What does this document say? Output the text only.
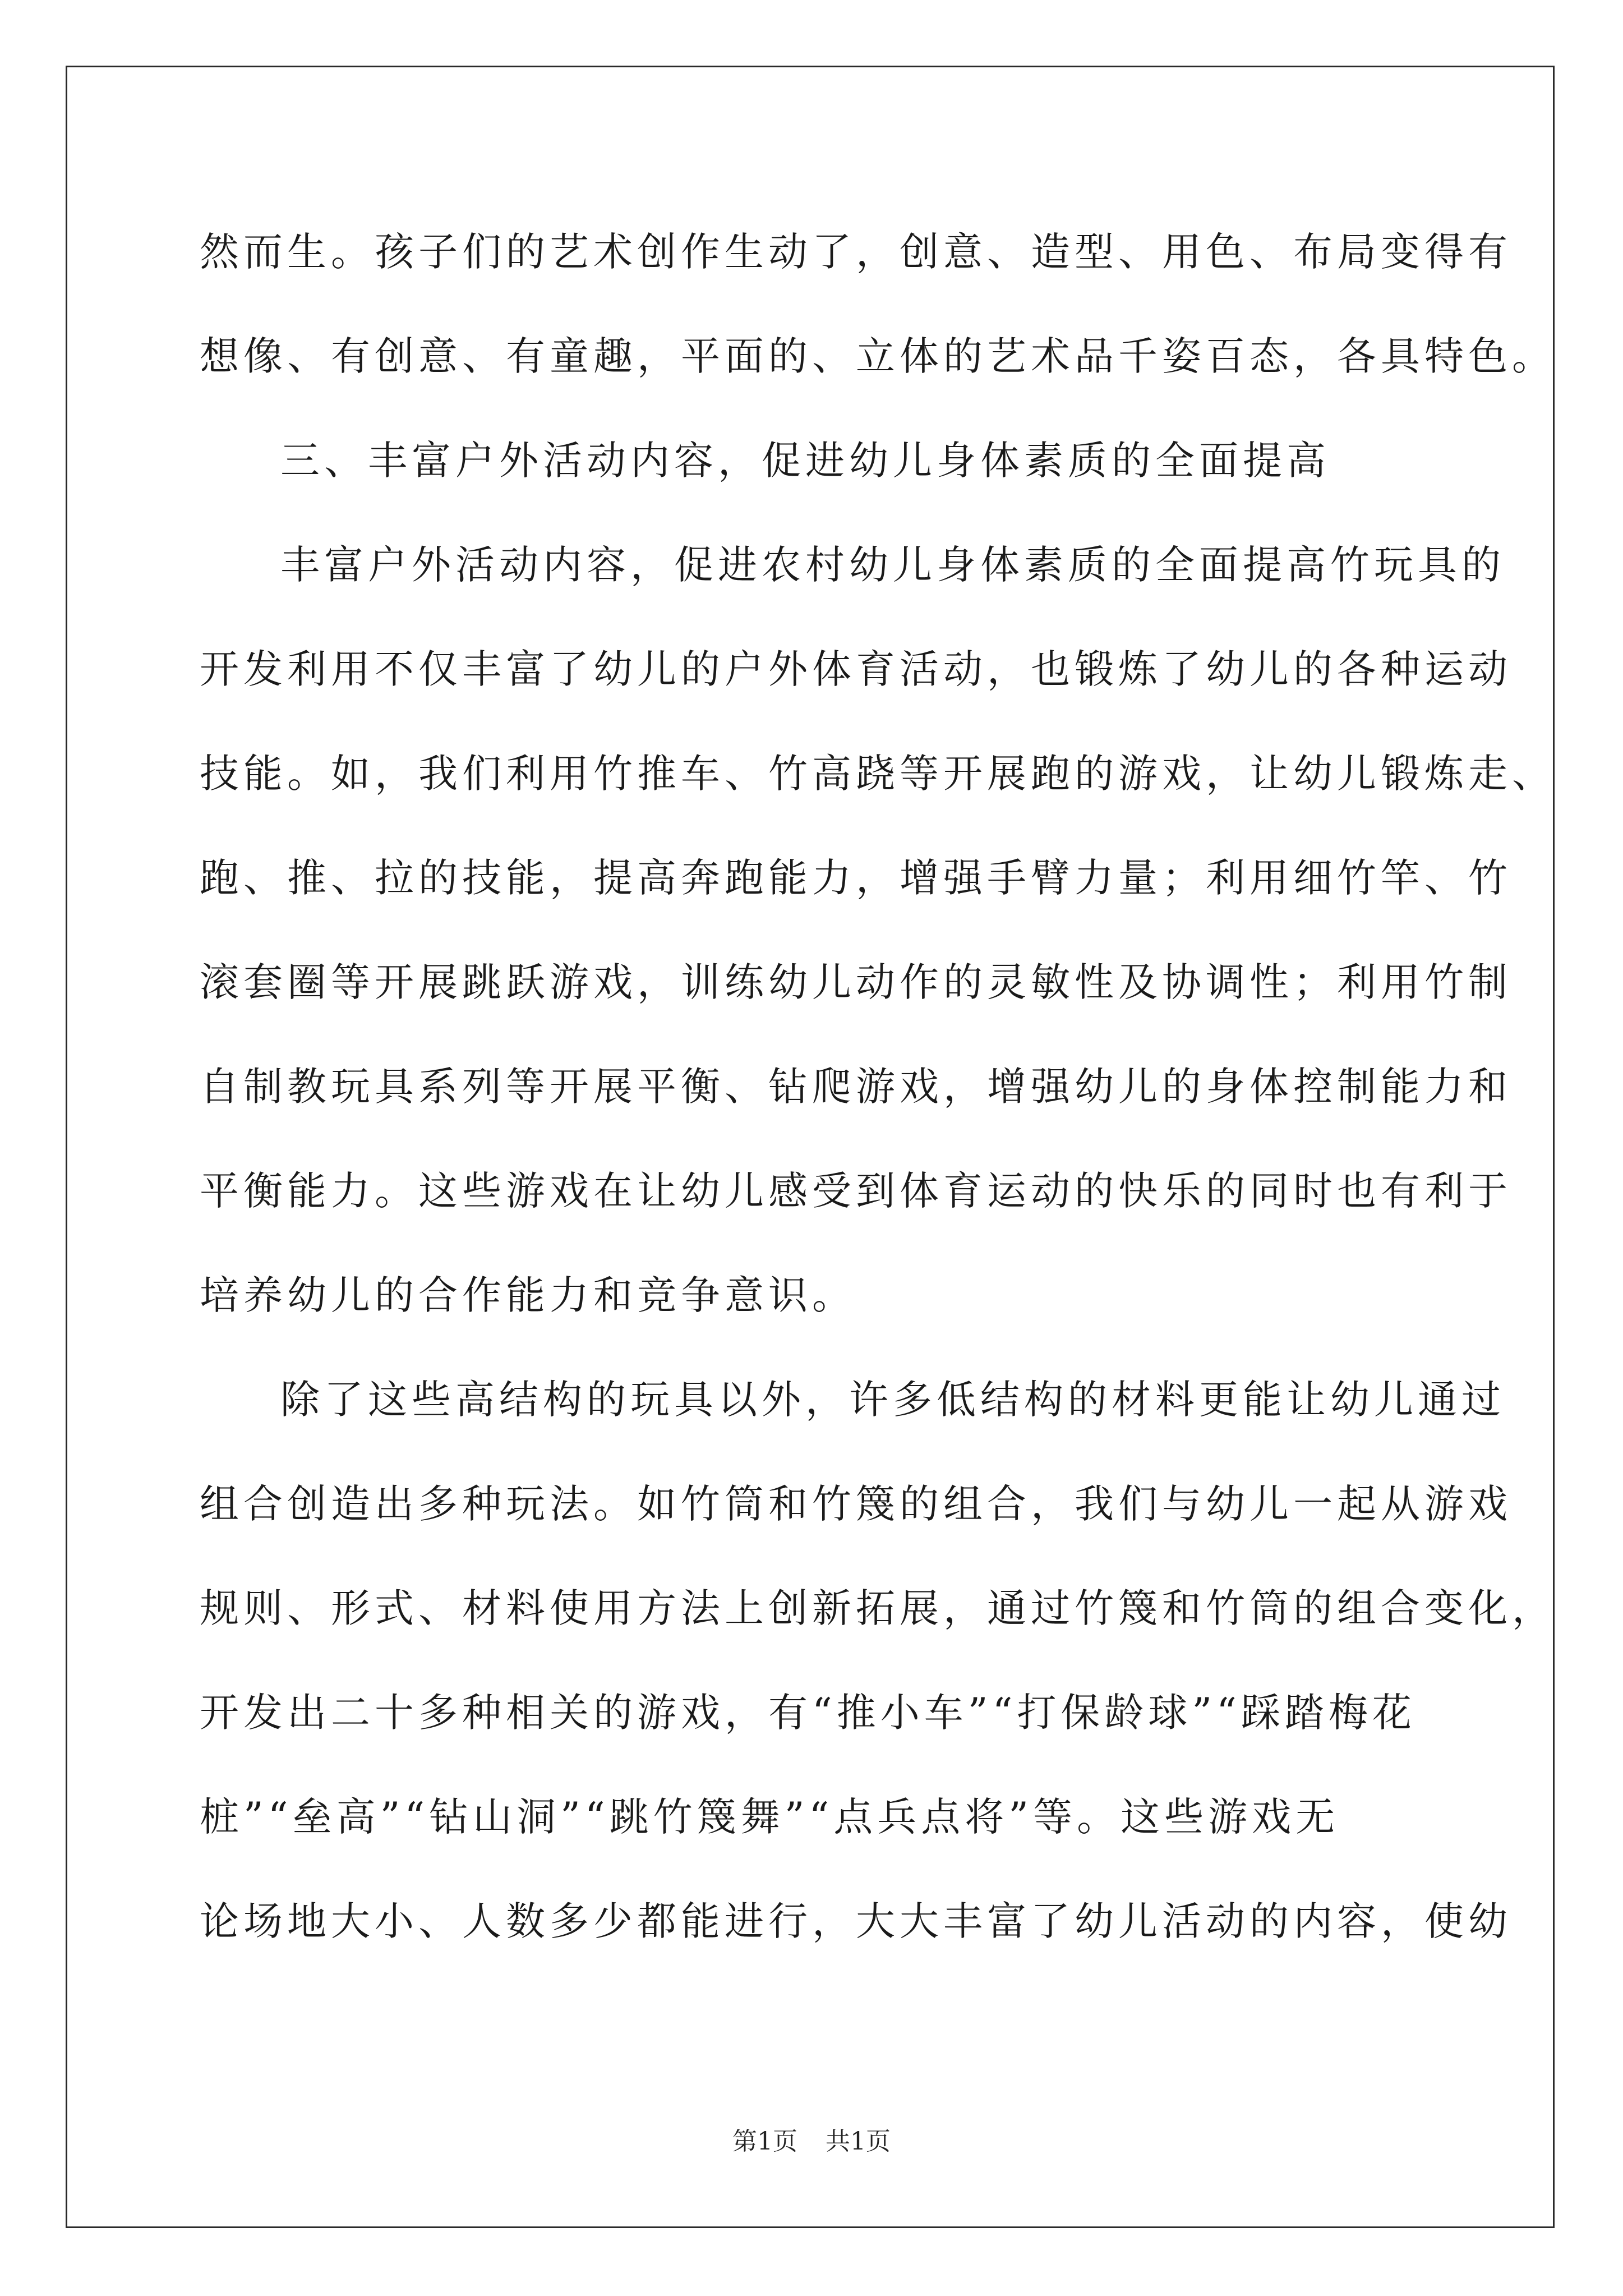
然而生。孩子们的艺术创作生动了，创意、造型、用色、布局变得有
想像、有创意、有童趣，平面的、立体的艺术品千姿百态，各具特色。
三、丰富户外活动内容，促进幼儿身体素质的全面提高
丰富户外活动内容，促进农村幼儿身体素质的全面提高竹玩具的
开发利用不仅丰富了幼儿的户外体育活动，也锻炼了幼儿的各种运动
技能。如，我们利用竹推车、竹高跷等开展跑的游戏，让幼儿锻炼走、
跑、推、拉的技能，提高奔跑能力，增强手臂力量；利用细竹竿、竹
滚套圈等开展跳跃游戏，训练幼儿动作的灵敏性及协调性；利用竹制
自制教玩具系列等开展平衡、钻爬游戏，增强幼儿的身体控制能力和
平衡能力。这些游戏在让幼儿感受到体育运动的快乐的同时也有利于
培养幼儿的合作能力和竞争意识。
除了这些高结构的玩具以外，许多低结构的材料更能让幼儿通过
组合创造出多种玩法。如竹筒和竹篾的组合，我们与幼儿一起从游戏
规则、形式、材料使用方法上创新拓展，通过竹篾和竹筒的组合变化，
开发出二十多种相关的游戏，有“推小车”“打保龄球”“踩踏梅花
桩”“垒高”“钻山洞”“跳竹篾舞”“点兵点将”等。这些游戏无
论场地大小、人数多少都能进行，大大丰富了幼儿活动的内容，使幼
第1页 共1页
